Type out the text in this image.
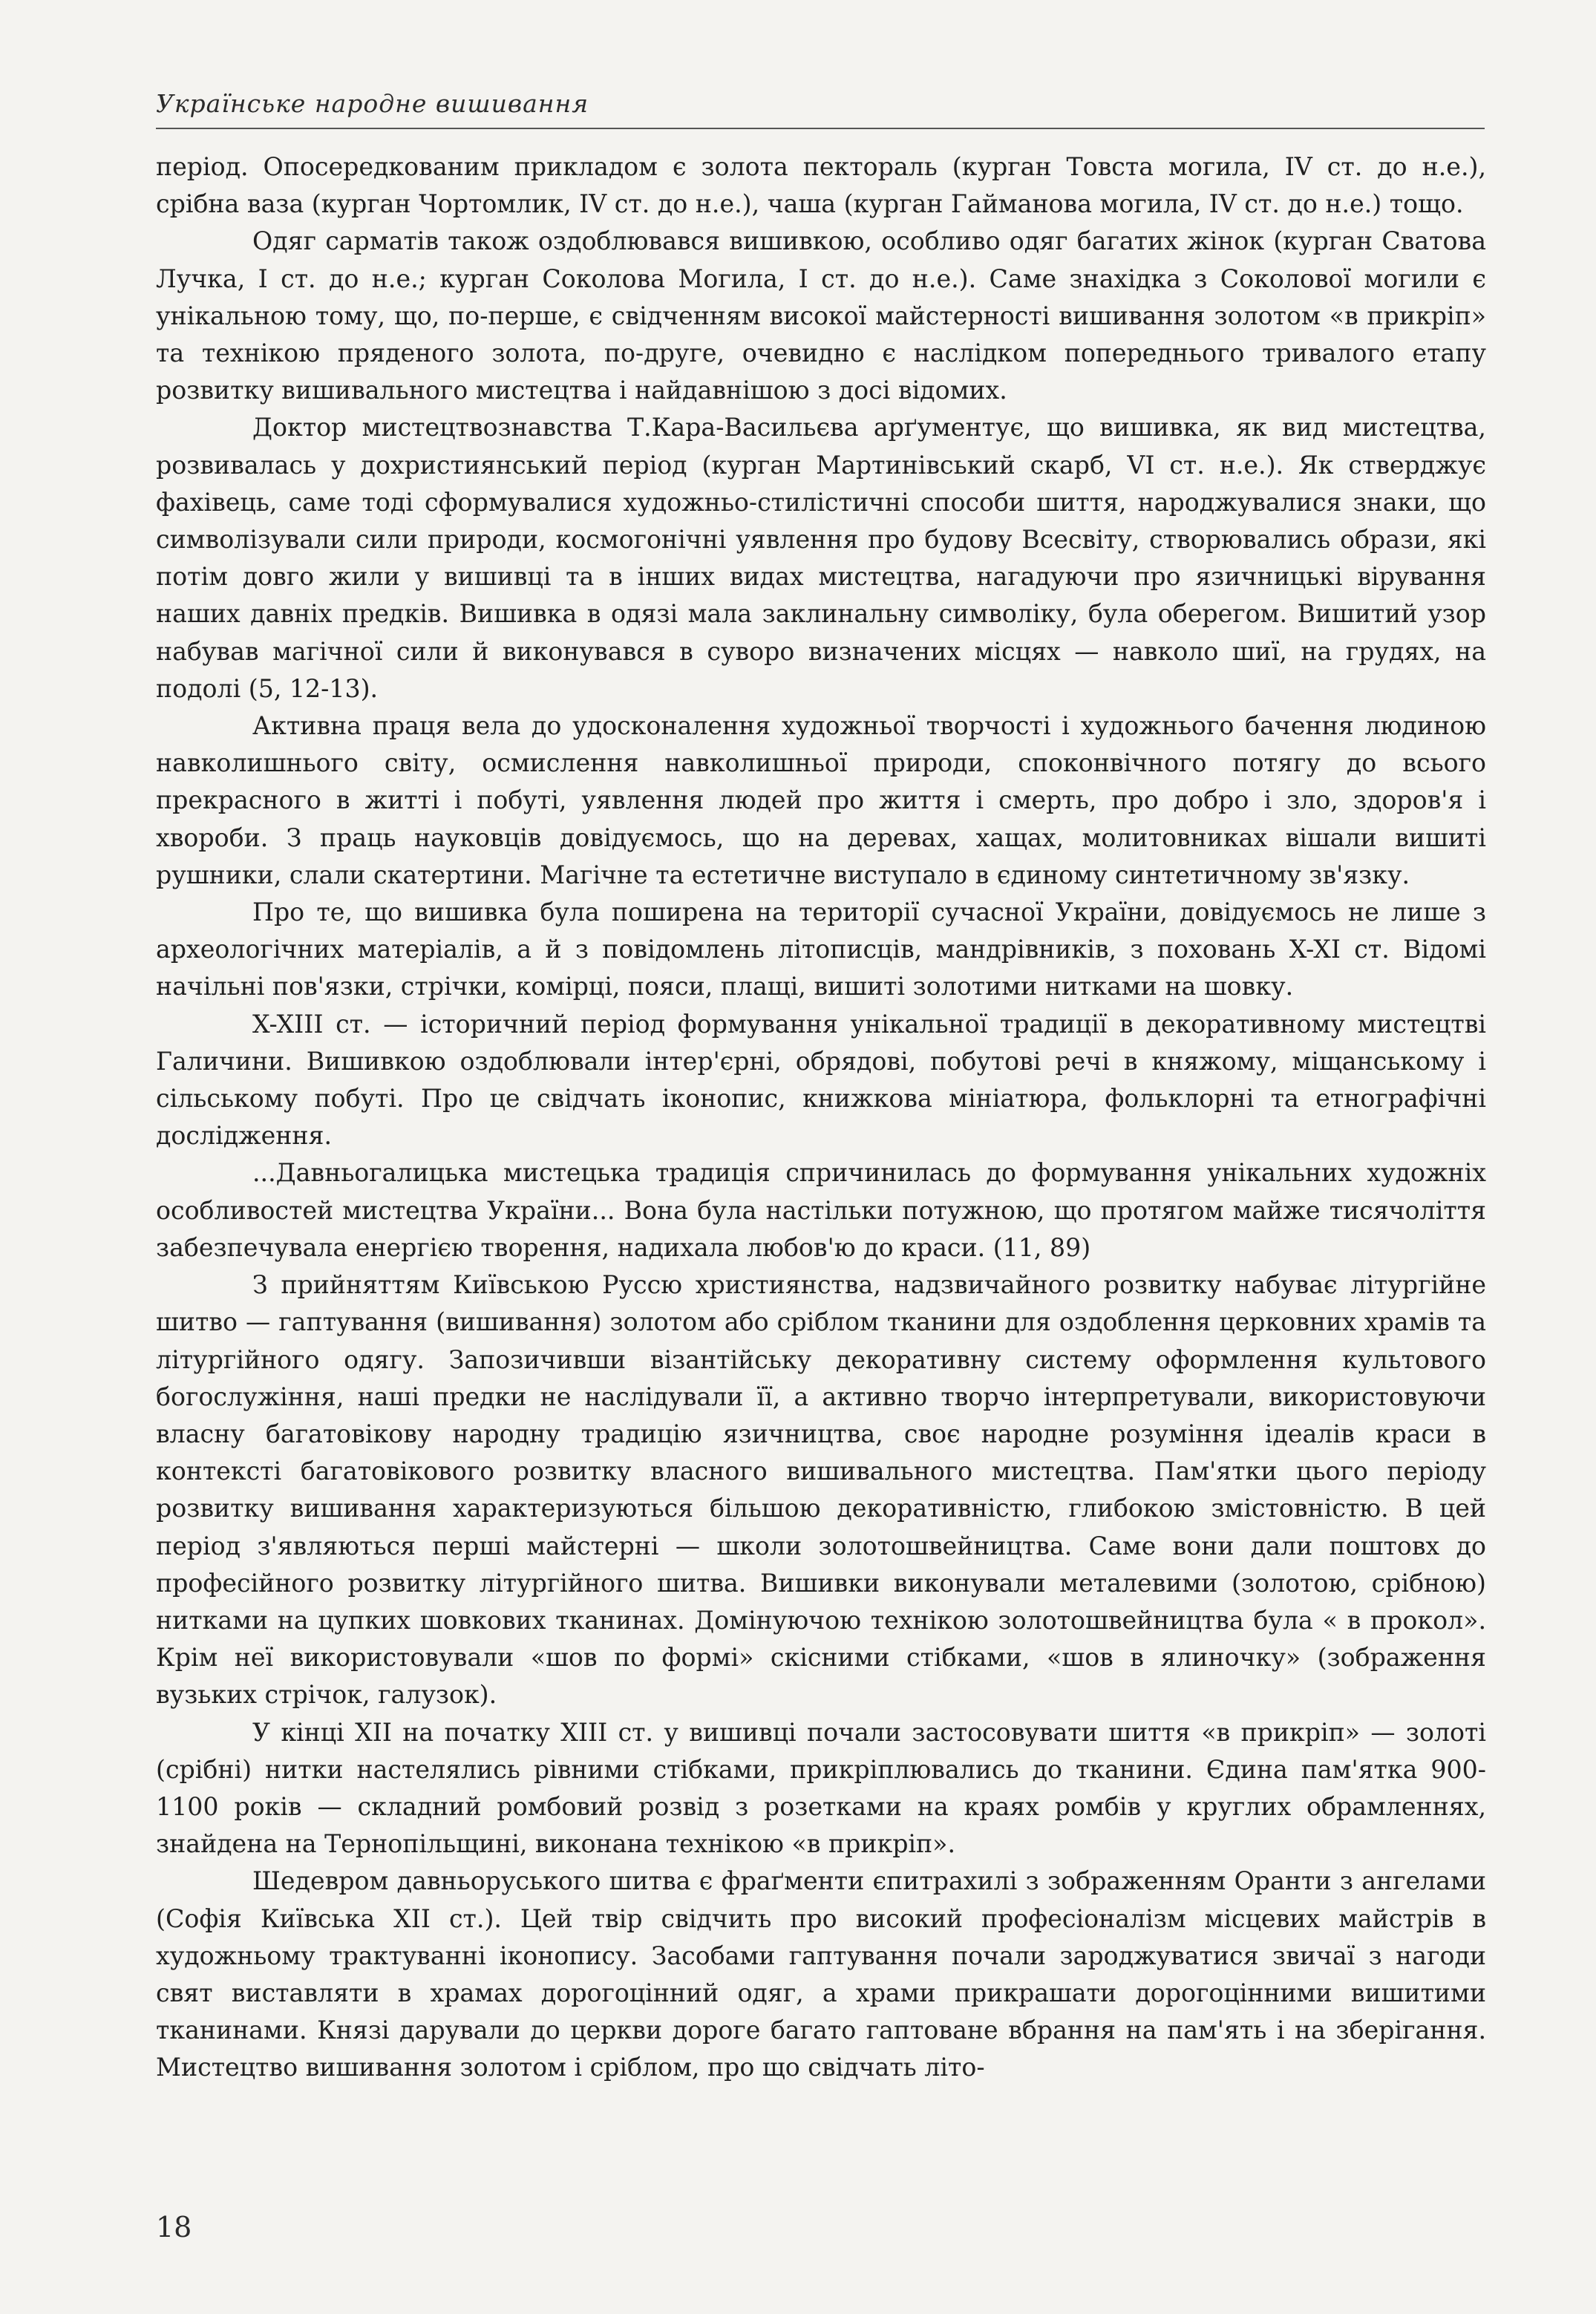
Українське народне вишивання

період. Опосередкованим прикладом є золота пектораль (курган Товста могила, IV ст. до н.е.), срібна ваза (курган Чортомлик, IV ст. до н.е.), чаша (курган Гайманова могила, IV ст. до н.е.) тощо.

Одяг сарматів також оздоблювався вишивкою, особливо одяг багатих жінок (курган Сватова Лучка, I ст. до н.е.; курган Соколова Могила, I ст. до н.е.). Саме знахідка з Соколової могили є унікальною тому, що, по-перше, є свідченням високої майстерності вишивання золотом «в прикріп» та технікою пряденого золота, по-друге, очевидно є наслідком попереднього тривалого етапу розвитку вишивального мистецтва і найдавнішою з досі відомих.

Доктор мистецтвознавства Т.Кара-Васильєва арґументує, що вишивка, як вид мистецтва, розвивалась у дохристиянський період (курган Мартинівський скарб, VI ст. н.е.). Як стверджує фахівець, саме тоді сформувалися художньо-стилістичні способи шиття, народжувалися знаки, що символізували сили природи, космогонічні уявлення про будову Всесвіту, створювались образи, які потім довго жили у вишивці та в інших видах мистецтва, нагадуючи про язичницькі вірування наших давніх предків. Вишивка в одязі мала заклинальну символіку, була оберегом. Вишитий узор набував магічної сили й виконувався в суворо визначених місцях — навколо шиї, на грудях, на подолі (5, 12-13).

Активна праця вела до удосконалення художньої творчості і художнього бачення людиною навколишнього світу, осмислення навколишньої природи, споконвічного потягу до всього прекрасного в житті і побуті, уявлення людей про життя і смерть, про добро і зло, здоров'я і хвороби. З праць науковців довідуємось, що на деревах, хащах, молитовниках вішали вишиті рушники, слали скатертини. Магічне та естетичне виступало в єдиному синтетичному зв'язку.

Про те, що вишивка була поширена на території сучасної України, довідуємось не лише з археологічних матеріалів, а й з повідомлень літописців, мандрівників, з поховань X-XI ст. Відомі начільні пов'язки, стрічки, комірці, пояси, плащі, вишиті золотими нитками на шовку.

X-XIII ст. — історичний період формування унікальної традиції в декоративному мистецтві Галичини. Вишивкою оздоблювали інтер'єрні, обрядові, побутові речі в княжому, міщанському і сільському побуті. Про це свідчать іконопис, книжкова мініатюра, фольклорні та етнографічні дослідження.

...Давньогалицька мистецька традиція спричинилась до формування унікальних художніх особливостей мистецтва України... Вона була настільки потужною, що протягом майже тисячоліття забезпечувала енергією творення, надихала любов'ю до краси. (11, 89)

З прийняттям Київською Руссю християнства, надзвичайного розвитку набуває літургійне шитво — гаптування (вишивання) золотом або сріблом тканини для оздоблення церковних храмів та літургійного одягу. Запозичивши візантійську декоративну систему оформлення культового богослужіння, наші предки не наслідували її, а активно творчо інтерпретували, використовуючи власну багатовікову народну традицію язичництва, своє народне розуміння ідеалів краси в контексті багатовікового розвитку власного вишивального мистецтва. Пам'ятки цього періоду розвитку вишивання характеризуються більшою декоративністю, глибокою змістовністю. В цей період з'являються перші майстерні — школи золотошвейництва. Саме вони дали поштовх до професійного розвитку літургійного шитва. Вишивки виконували металевими (золотою, срібною) нитками на цупких шовкових тканинах. Домінуючою технікою золотошвейництва була « в прокол». Крім неї використовували «шов по формі» скісними стібками, «шов в ялиночку» (зображення вузьких стрічок, галузок).

У кінці XII на початку XIII ст. у вишивці почали застосовувати шиття «в прикріп» — золоті (срібні) нитки настелялись рівними стібками, прикріплювались до тканини. Єдина пам'ятка 900-1100 років — складний ромбовий розвід з розетками на краях ромбів у круглих обрамленнях, знайдена на Тернопільщині, виконана технікою «в прикріп».

Шедевром давньоруського шитва є фраґменти єпитрахилі з зображенням Оранти з ангелами (Софія Київська XII ст.). Цей твір свідчить про високий професіоналізм місцевих майстрів в художньому трактуванні іконопису. Засобами гаптування почали зароджуватися звичаї з нагоди свят виставляти в храмах дорогоцінний одяг, а храми прикрашати дорогоцінними вишитими тканинами. Князі дарували до церкви дороге багато гаптоване вбрання на пам'ять і на зберігання. Мистецтво вишивання золотом і сріблом, про що свідчать літо-

18
